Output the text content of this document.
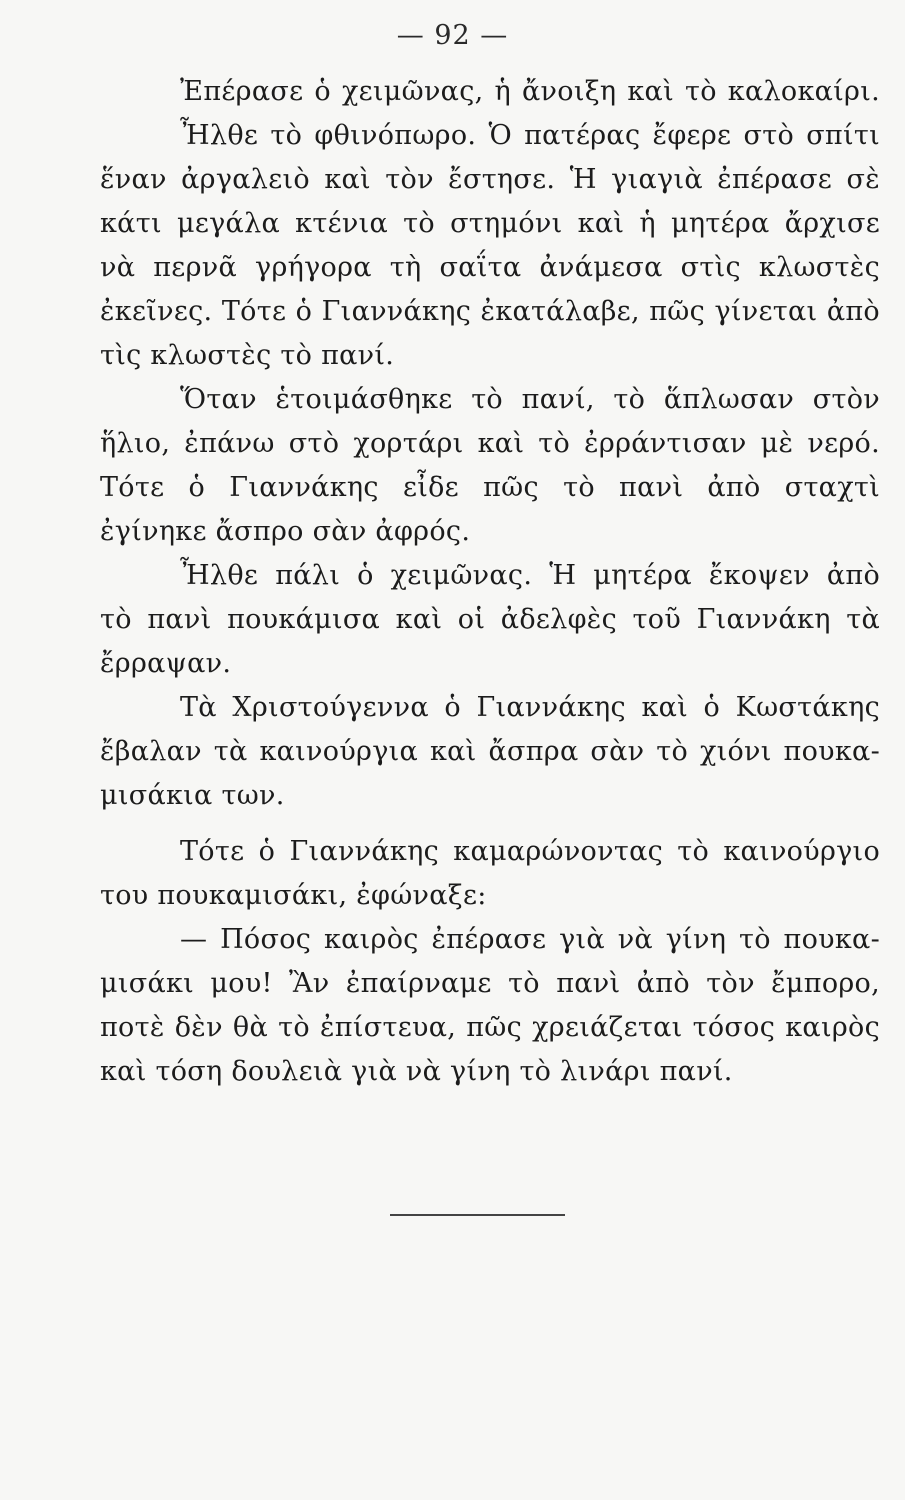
— 92 —
Ἐπέρασε ὁ χειμῶνας, ἡ ἄνοιξη καὶ τὸ καλοκαίρι.
Ἦλθε τὸ φθινόπωρο. Ὁ πατέρας ἔφερε στὸ σπίτι
ἕναν ἀργαλειὸ καὶ τὸν ἔστησε. Ἡ γιαγιὰ ἐπέρασε σὲ
κάτι μεγάλα κτένια τὸ στημόνι καὶ ἡ μητέρα ἄρχισε
νὰ περνᾶ γρήγορα τὴ σαΐτα ἀνάμεσα στὶς κλωστὲς
ἐκεῖνες. Τότε ὁ Γιαννάκης ἐκατάλαβε, πῶς γίνεται ἀπὸ
τὶς κλωστὲς τὸ πανί.
Ὅταν ἑτοιμάσθηκε τὸ πανί, τὸ ἅπλωσαν στὸν
ἥλιο, ἐπάνω στὸ χορτάρι καὶ τὸ ἐρράντισαν μὲ νερό.
Τότε ὁ Γιαννάκης εἶδε πῶς τὸ πανὶ ἀπὸ σταχτὶ
ἐγίνηκε ἄσπρο σὰν ἀφρός.
Ἦλθε πάλι ὁ χειμῶνας. Ἡ μητέρα ἔκοψεν ἀπὸ
τὸ πανὶ πουκάμισα καὶ οἱ ἀδελφὲς τοῦ Γιαννάκη τὰ
ἔρραψαν.
Τὰ Χριστούγεννα ὁ Γιαννάκης καὶ ὁ Κωστάκης
ἔβαλαν τὰ καινούργια καὶ ἄσπρα σὰν τὸ χιόνι πουκα-
μισάκια των.
Τότε ὁ Γιαννάκης καμαρώνοντας τὸ καινούργιο
του πουκαμισάκι, ἐφώναξε:
— Πόσος καιρὸς ἐπέρασε γιὰ νὰ γίνη τὸ πουκα-
μισάκι μου! Ἂν ἐπαίρναμε τὸ πανὶ ἀπὸ τὸν ἔμπορο,
ποτὲ δὲν θὰ τὸ ἐπίστευα, πῶς χρειάζεται τόσος καιρὸς
καὶ τόση δουλειὰ γιὰ νὰ γίνη τὸ λινάρι πανί.
